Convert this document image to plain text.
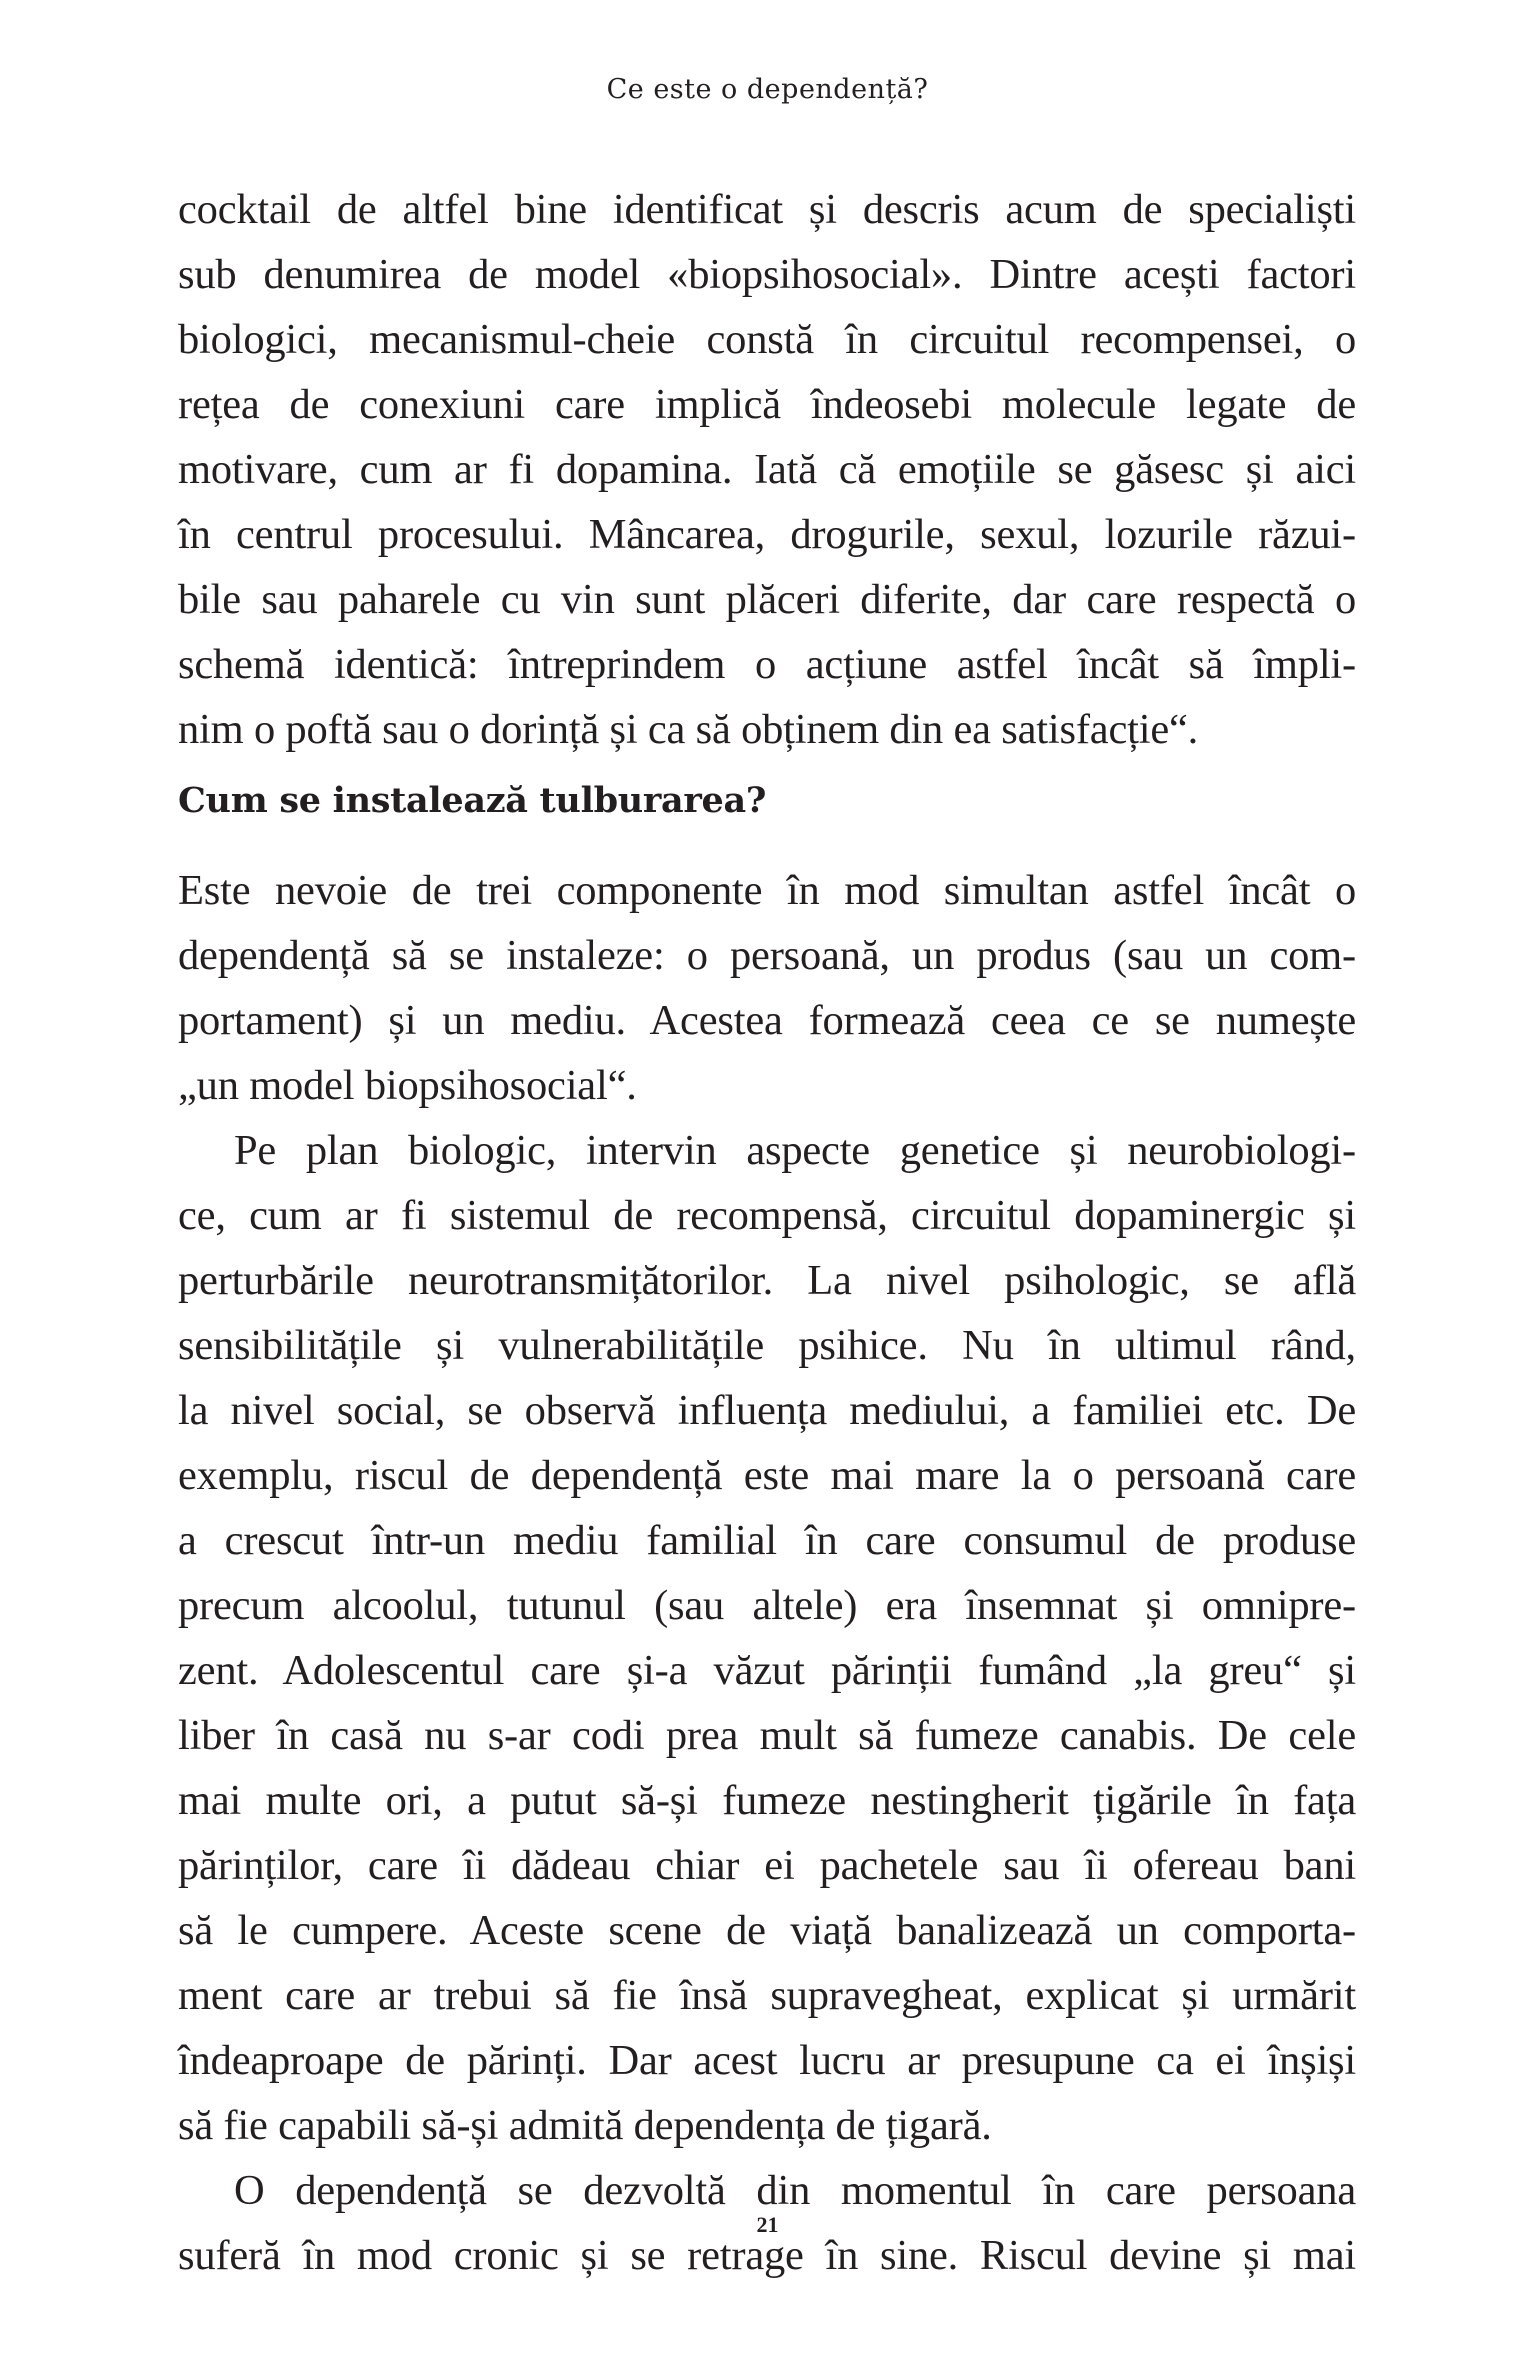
Ce este o dependență?
cocktail de altfel bine identificat și descris acum de specialiști
sub denumirea de model «biopsihosocial». Dintre acești factori
biologici, mecanismul-cheie constă în circuitul recompensei, o
rețea de conexiuni care implică îndeosebi molecule legate de
motivare, cum ar fi dopamina. Iată că emoțiile se găsesc și aici
în centrul procesului. Mâncarea, drogurile, sexul, lozurile răzui-
bile sau paharele cu vin sunt plăceri diferite, dar care respectă o
schemă identică: întreprindem o acțiune astfel încât să împli-
nim o poftă sau o dorință și ca să obținem din ea satisfacție“.
Cum se instalează tulburarea?
Este nevoie de trei componente în mod simultan astfel încât o
dependență să se instaleze: o persoană, un produs (sau un com-
portament) și un mediu. Acestea formează ceea ce se numește
„un model biopsihosocial“.
Pe plan biologic, intervin aspecte genetice și neurobiologi-
ce, cum ar fi sistemul de recompensă, circuitul dopaminergic și
perturbările neurotransmițătorilor. La nivel psihologic, se află
sensibilitățile și vulnerabilitățile psihice. Nu în ultimul rând,
la nivel social, se observă influența mediului, a familiei etc. De
exemplu, riscul de dependență este mai mare la o persoană care
a crescut într-un mediu familial în care consumul de produse
precum alcoolul, tutunul (sau altele) era însemnat și omnipre-
zent. Adolescentul care și-a văzut părinții fumând „la greu“ și
liber în casă nu s-ar codi prea mult să fumeze canabis. De cele
mai multe ori, a putut să-și fumeze nestingherit țigările în fața
părinților, care îi dădeau chiar ei pachetele sau îi ofereau bani
să le cumpere. Aceste scene de viață banalizează un comporta-
ment care ar trebui să fie însă supravegheat, explicat și urmărit
îndeaproape de părinți. Dar acest lucru ar presupune ca ei înșiși
să fie capabili să-și admită dependența de țigară.
O dependență se dezvoltă din momentul în care persoana
suferă în mod cronic și se retrage în sine. Riscul devine și mai
21
